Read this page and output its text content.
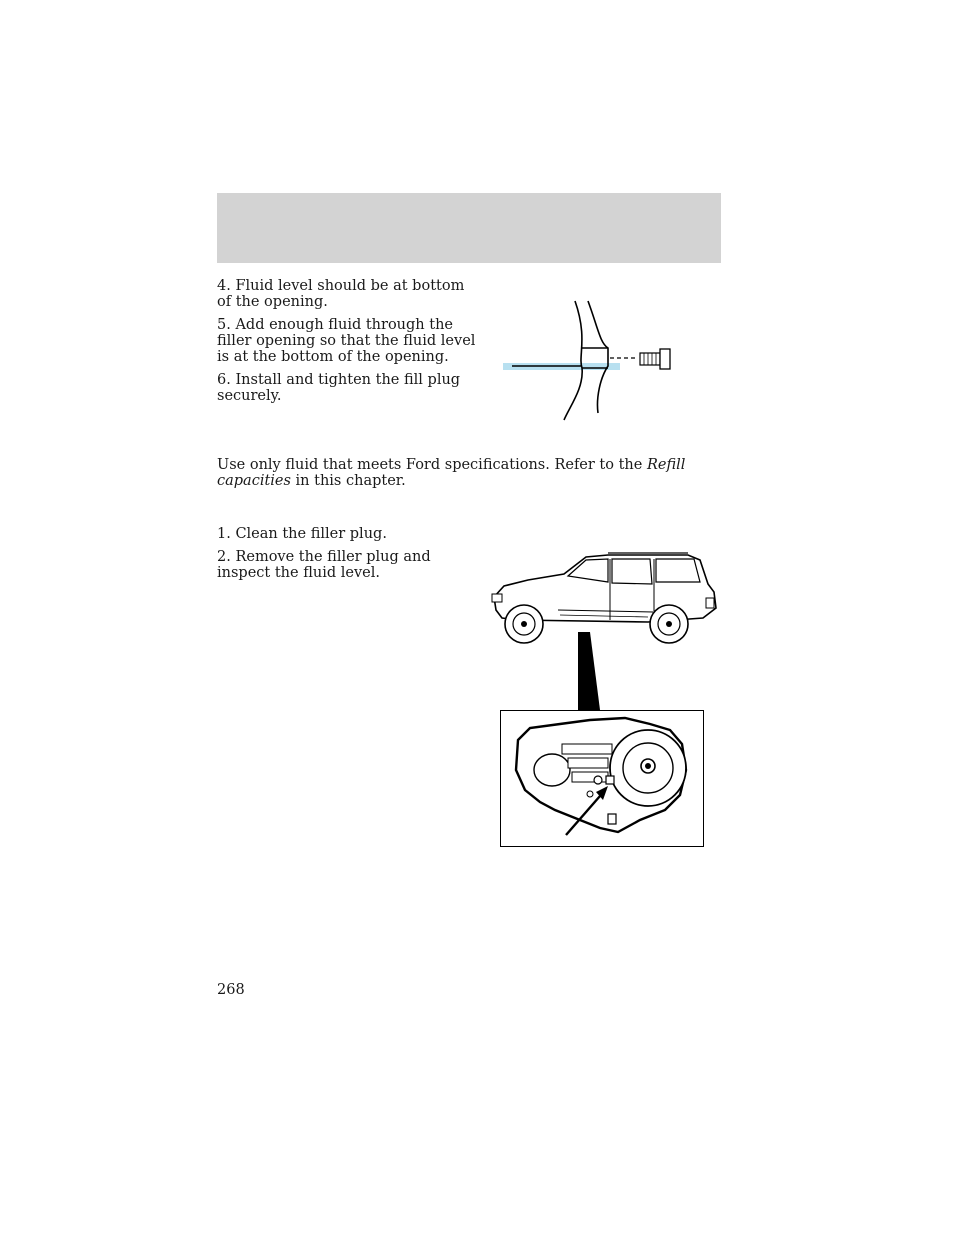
4. Fluid level should be at bottom of the opening.

5. Add enough fluid through the filler opening so that the fluid level is at the bottom of the opening.

6. Install and tighten the fill plug securely.

Use only fluid that meets Ford specifications. Refer to the Refill capacities in this chapter.

1. Clean the filler plug.

2. Remove the filler plug and inspect the fluid level.

268
